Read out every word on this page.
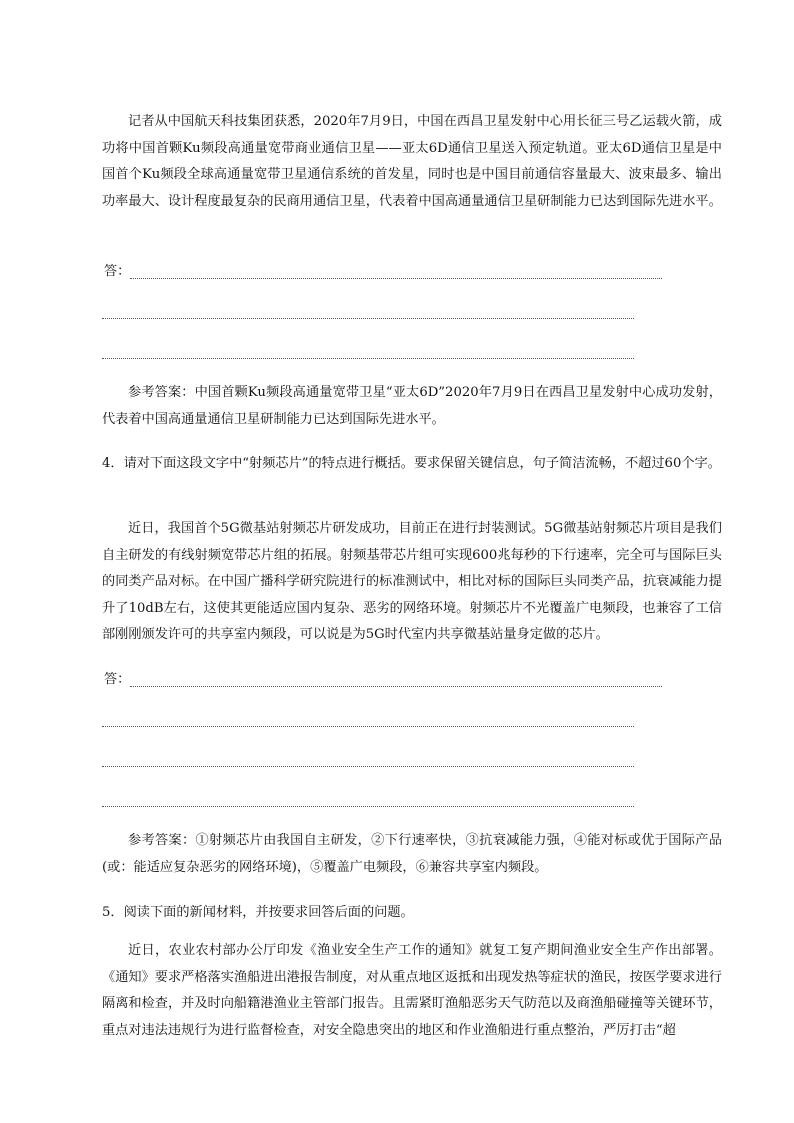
记者从中国航天科技集团获悉，2020年7月9日，中国在西昌卫星发射中心用长征三号乙运载火箭，成功将中国首颗Ku频段高通量宽带商业通信卫星——亚太6D通信卫星送入预定轨道。亚太6D通信卫星是中国首个Ku频段全球高通量宽带卫星通信系统的首发星，同时也是中国目前通信容量最大、波束最多、输出功率最大、设计程度最复杂的民商用通信卫星，代表着中国高通量通信卫星研制能力已达到国际先进水平。

答：

参考答案：中国首颗Ku频段高通量宽带卫星“亚太6D”2020年7月9日在西昌卫星发射中心成功发射，代表着中国高通量通信卫星研制能力已达到国际先进水平。

4．请对下面这段文字中“射频芯片”的特点进行概括。要求保留关键信息，句子简洁流畅，不超过60个字。

近日，我国首个5G微基站射频芯片研发成功，目前正在进行封装测试。5G微基站射频芯片项目是我们自主研发的有线射频宽带芯片组的拓展。射频基带芯片组可实现600兆每秒的下行速率，完全可与国际巨头的同类产品对标。在中国广播科学研究院进行的标准测试中，相比对标的国际巨头同类产品，抗衰减能力提升了10dB左右，这使其更能适应国内复杂、恶劣的网络环境。射频芯片不光覆盖广电频段，也兼容了工信部刚刚颁发许可的共享室内频段，可以说是为5G时代室内共享微基站量身定做的芯片。

答：

参考答案：①射频芯片由我国自主研发，②下行速率快，③抗衰减能力强，④能对标或优于国际产品(或：能适应复杂恶劣的网络环境)，⑤覆盖广电频段，⑥兼容共享室内频段。

5．阅读下面的新闻材料，并按要求回答后面的问题。

近日，农业农村部办公厅印发《渔业安全生产工作的通知》就复工复产期间渔业安全生产作出部署。《通知》要求严格落实渔船进出港报告制度，对从重点地区返抵和出现发热等症状的渔民，按医学要求进行隔离和检查，并及时向船籍港渔业主管部门报告。且需紧盯渔船恶劣天气防范以及商渔船碰撞等关键环节，重点对违法违规行为进行监督检查，对安全隐患突出的地区和作业渔船进行重点整治，严厉打击“超
